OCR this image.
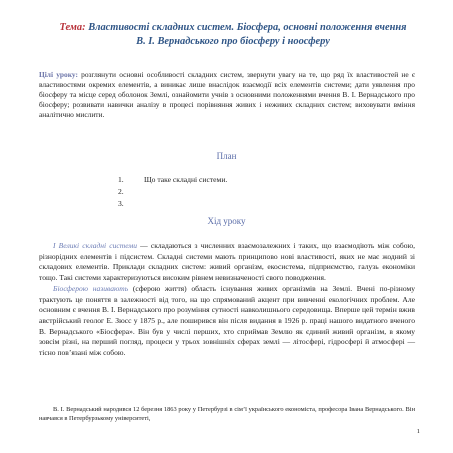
Тема: Властивості складних систем. Біосфера, основні положення вчення В. І. Вернадського про біосферу і ноосферу
Цілі уроку: розглянути основні особливості складних систем, звернути увагу на те, що ряд їх властивостей не є властивостями окремих елементів, а виникає лише внаслідок взаємодії всіх елементів системи; дати уявлення про біосферу та місце серед оболонок Землі, ознайомити учнів з основними положеннями вчення В. І. Вернадського про біосферу; розвивати навички аналізу в процесі порівняння живих і неживих складних систем; виховувати вміння аналітично мислити.
План
1.	Що таке складні системи.
2.
3.
Хід уроку

І Великі складні системи — складаються з численних взаємозалежних і таких, що взаємодіють між собою, різнорідних елементів і підсистем. Складні системи мають принципово нові властивості, яких не має жодний зі складових елементів. Приклади складних систем: живий організм, екосистема, підприємство, галузь економіки тощо. Такі системи характеризуються високим рівнем невизначеності свого поводження.

Біосферою називають (сферою життя) область існування живих організмів на Землі. Вчені по-різному трактують це поняття в залежності від того, на що спрямований акцент при вивченні екологічних проблем. Але основним є вчення В. І. Вернадського про розуміння сутності навколишнього середовища. Вперше цей термін вжив австрійський геолог Е. Зюсс у 1875 р., але поширився він після видання в 1926 р. праці нашого видатного вченого В. Вернадського «Біосфера». Він був у числі перших, хто сприймав Землю як єдиний живий організм, в якому зовсім різні, на перший погляд, процеси у трьох зовнішніх сферах землі — літосфері, гідросфері й атмосфері — тісно пов’язані між собою.

В. І. Вернадський народився 12 березня 1863 року у Петербурзі в сім’ї українського економіста, професора Івана Вернадського. Він навчався в Петербурзькому університеті,

1
